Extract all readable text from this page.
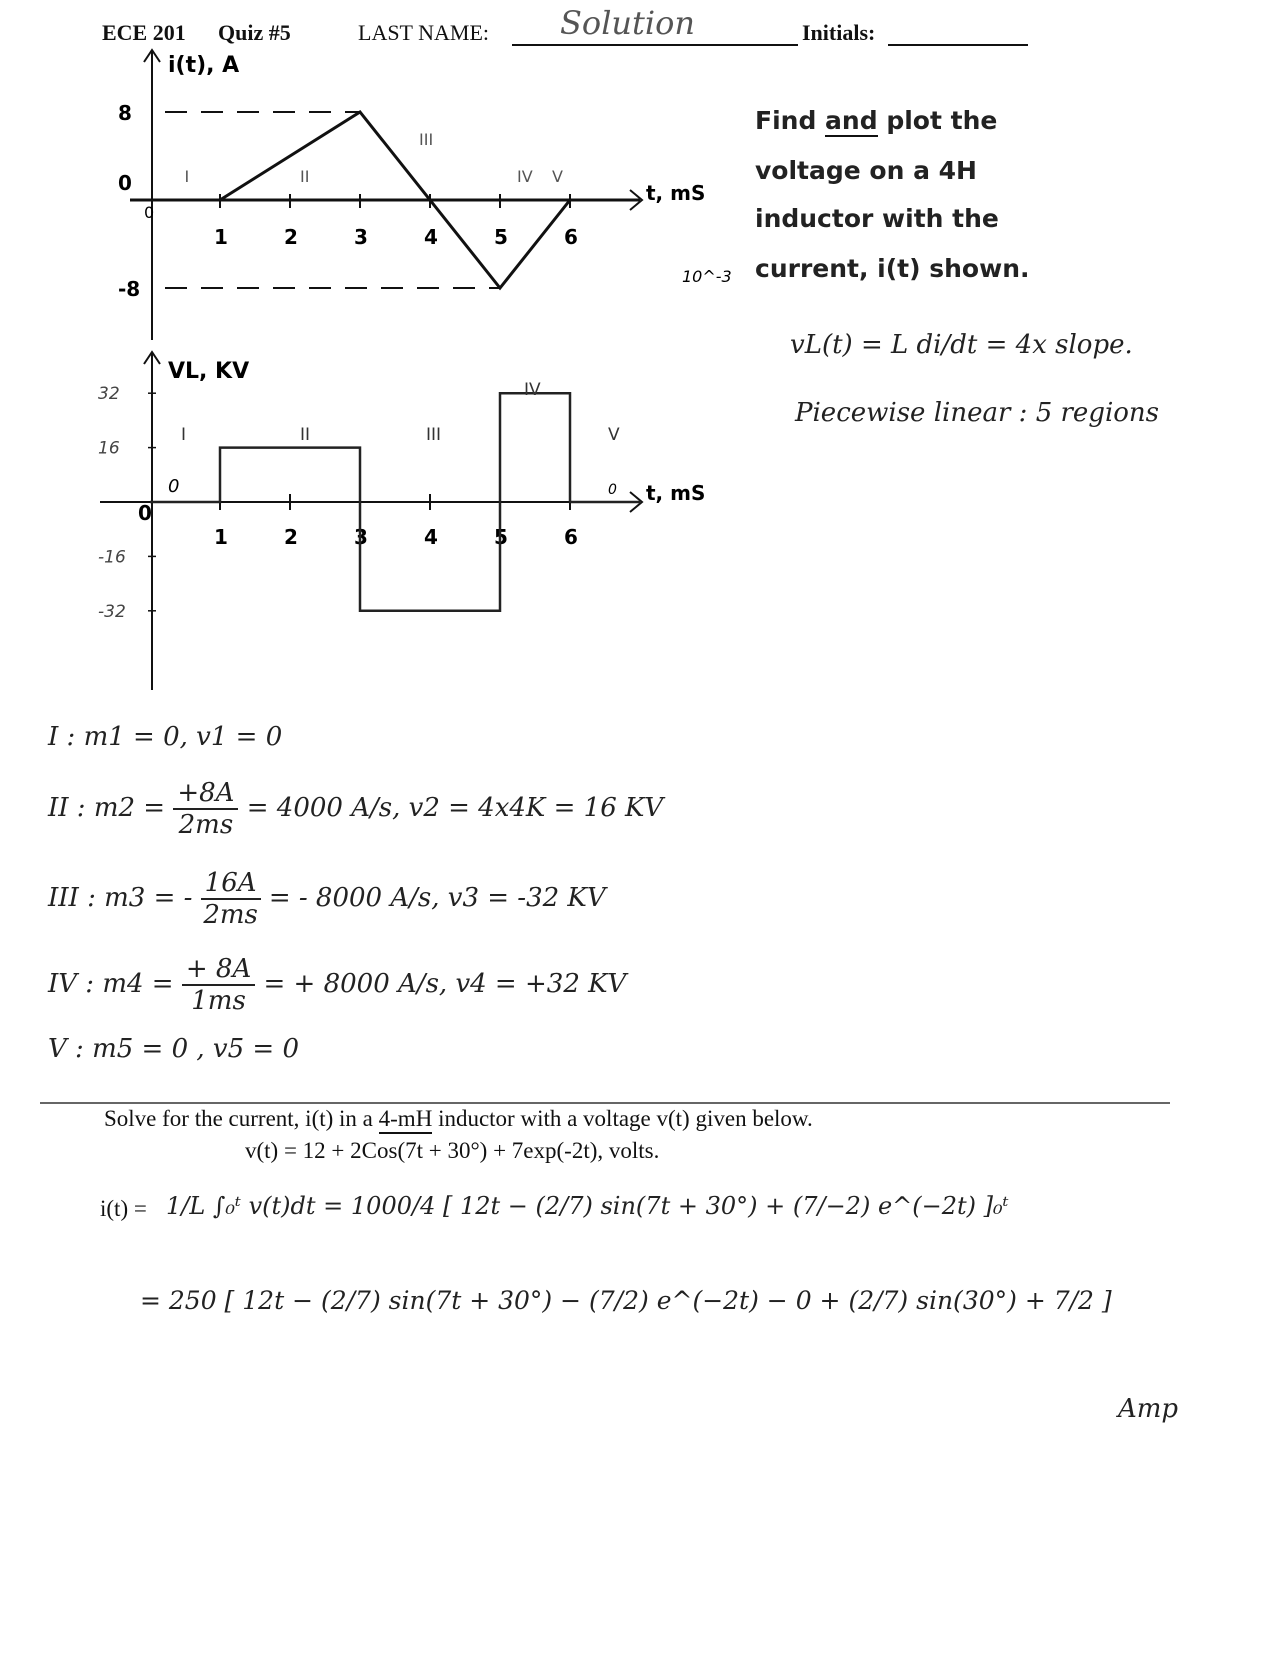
ECE 201 Quiz #5	LAST NAME: Solution	Initials:
i(t), A
t, mS
10^-3
8
0
-8
0
1	2	3	4	5	6
I	II
III
IV V
VL, KV
t, mS
32
16
-16
-32
0
1	2	3	4	5	6
I	II	III
IV
V
0	0
Find and plot the
voltage on a 4H
inductor with the
current, i(t) shown.
vL(t) = L di/dt = 4x slope.
Piecewise linear : 5 regions
I : m1 = 0, v1 = 0
II : $m2 = \frac{+8A}{2ms} = 4000$ A/s, v2 = 4x4K = 16 KV
III : m3 = - $\frac{16A}{2ms}$ = - 8000 A/s, v3 = -32 KV
IV : $m4 = \frac{+ 8A}{1ms}$ = + 8000 A/s, v4 = +32 KV
V : m5 = 0 , v5 = 0
Solve for the current, i(t) in a 4-mH inductor with a voltage v(t) given below.
v(t) = 12 + 2Cos(7t + 30°) + 7exp(-2t), volts.
i(t) = 1/L ∫₀ᵗ v(t)dt = 1000/4 [ 12t − (2/7) sin(7t + 30°) + (7/−2) e^(−2t) ]₀ᵗ
= 250 [ 12t − (2/7) sin(7t + 30°) − (7/2) e^(−2t) − 0 + (2/7) sin(30°) + 7/2 ]
Amp
